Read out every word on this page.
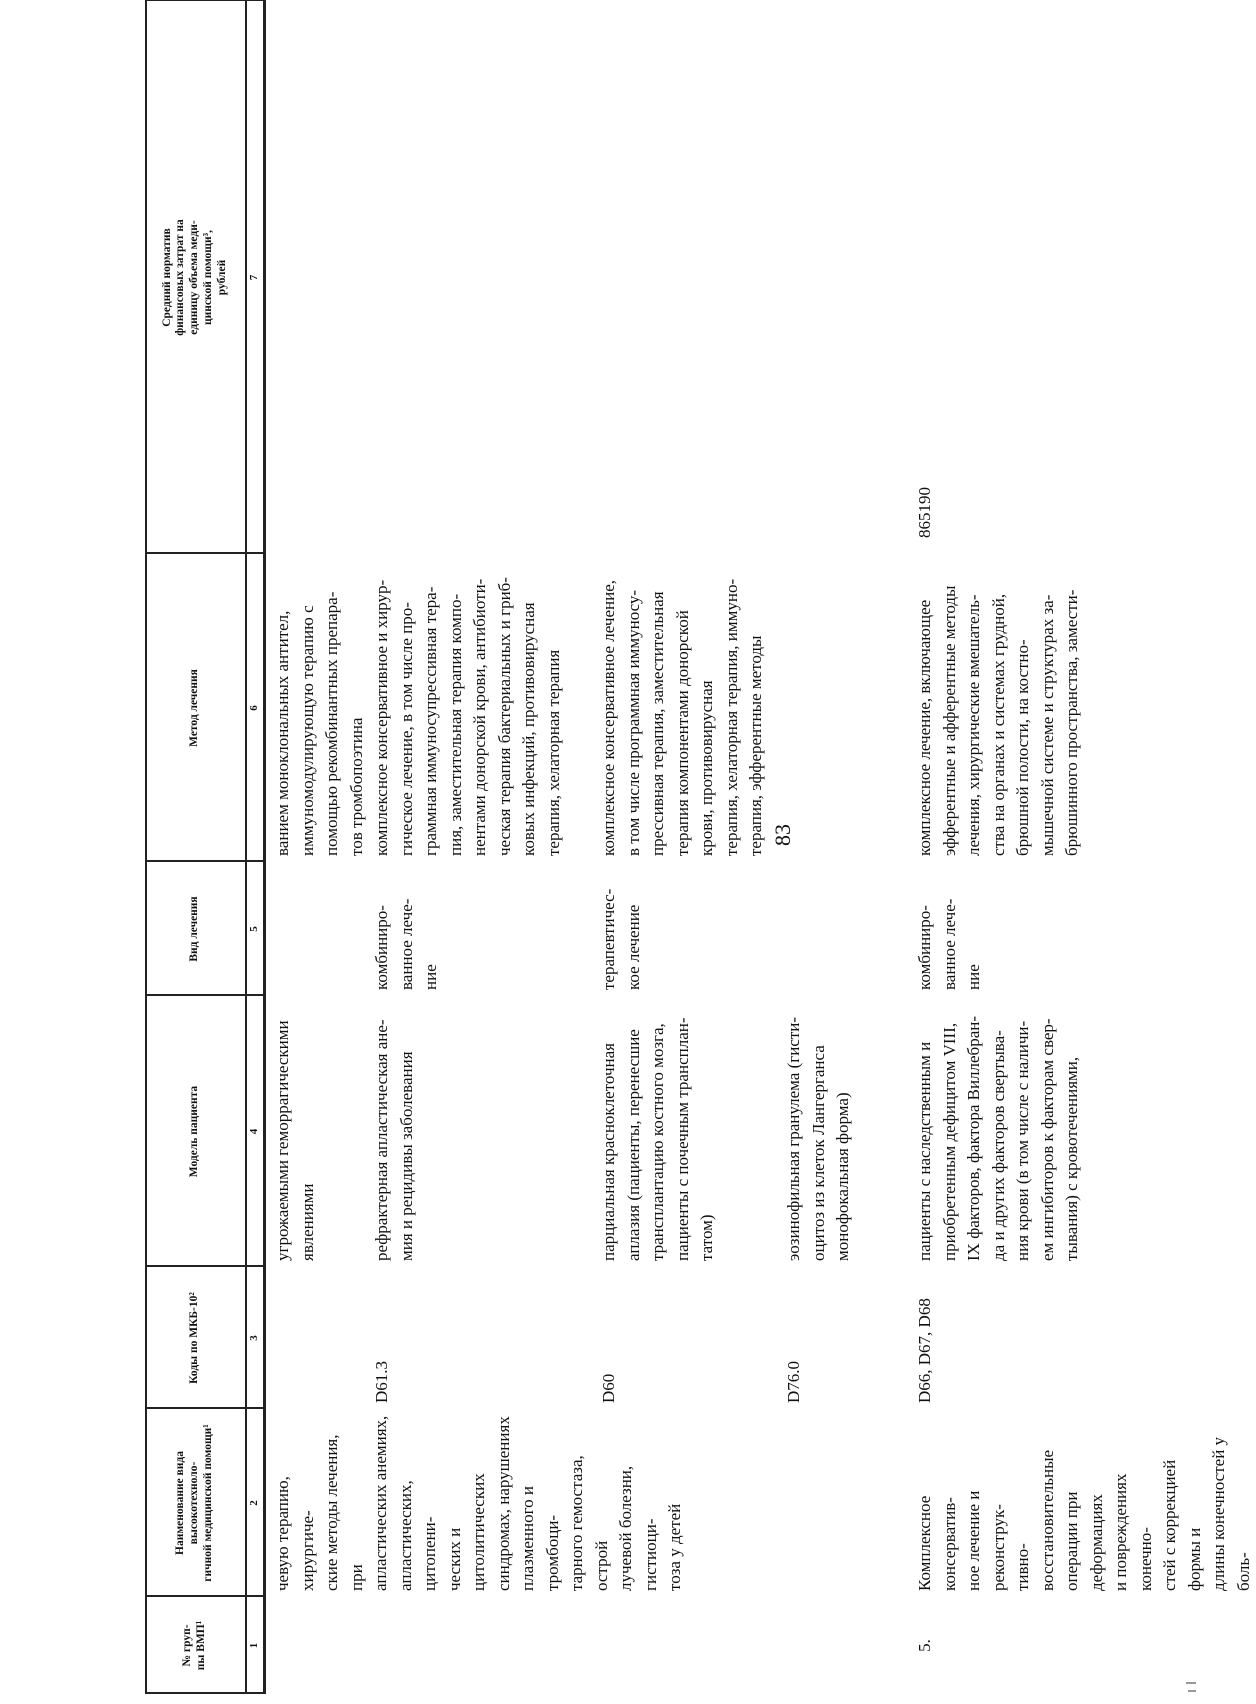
83
№ груп-
пы ВМП¹
Наименование вида высокотехноло-
гичной медицинской помощи¹
Коды по МКБ-10²
Модель пациента
Вид лечения
Метод лечения
Средний норматив
финансовых затрат на
единицу объема меди-
цинской помощи³,
рублей
1
2
3
4
5
6
7
чевую терапию, хирургиче-
ские методы лечения, при
апластических анемиях,
апластических, цитопени-
ческих и цитолитических
синдромах, нарушениях
плазменного и тромбоци-
тарного гемостаза, острой
лучевой болезни, гистиоци-
тоза у детей
угрожаемыми геморрагическими
явлениями
ванием моноклональных антител,
иммуномодулирующую терапию с
помощью рекомбинантных препара-
тов тромбопоэтина
D61.3
рефрактерная апластическая ане-
мия и рецидивы заболевания
комбиниро-
ванное лече-
ние
комплексное консервативное и хирур-
гическое лечение, в том числе про-
граммная иммуносупрессивная тера-
пия, заместительная терапия компо-
нентами донорской крови, антибиоти-
ческая терапия бактериальных и гриб-
ковых инфекций, противовирусная
терапия, хелаторная терапия
D60
парциальная красноклеточная
аплазия (пациенты, перенесшие
трансплантацию костного мозга,
пациенты с почечным трансплан-
татом)
терапевтичес-
кое лечение
комплексное консервативное лечение,
в том числе программная иммуносу-
прессивная терапия, заместительная
терапия компонентами донорской
крови, противовирусная
терапия, хелаторная терапия, иммуно-
терапия, эфферентные методы
D76.0
эозинофильная гранулема (гисти-
оцитоз из клеток Лангерганса
монофокальная форма)
5.
Комплексное консерватив-
ное лечение и реконструк-
тивно-восстановительные
операции при деформациях
и повреждениях конечно-
стей с коррекцией формы и
длины конечностей у боль-
D66, D67, D68
пациенты с наследственным и
приобретенным дефицитом VIII,
IX факторов, фактора Виллебран-
да и других факторов свертыва-
ния крови (в том числе с наличи-
ем ингибиторов к факторам свер-
тывания) с кровотечениями,
комбиниро-
ванное лече-
ние
комплексное лечение, включающее
эфферентные и афферентные методы
лечения, хирургические вмешатель-
ства на органах и системах грудной,
брюшной полости, на костно-
мышечной системе и структурах за-
брюшинного пространства, замести-
865190
